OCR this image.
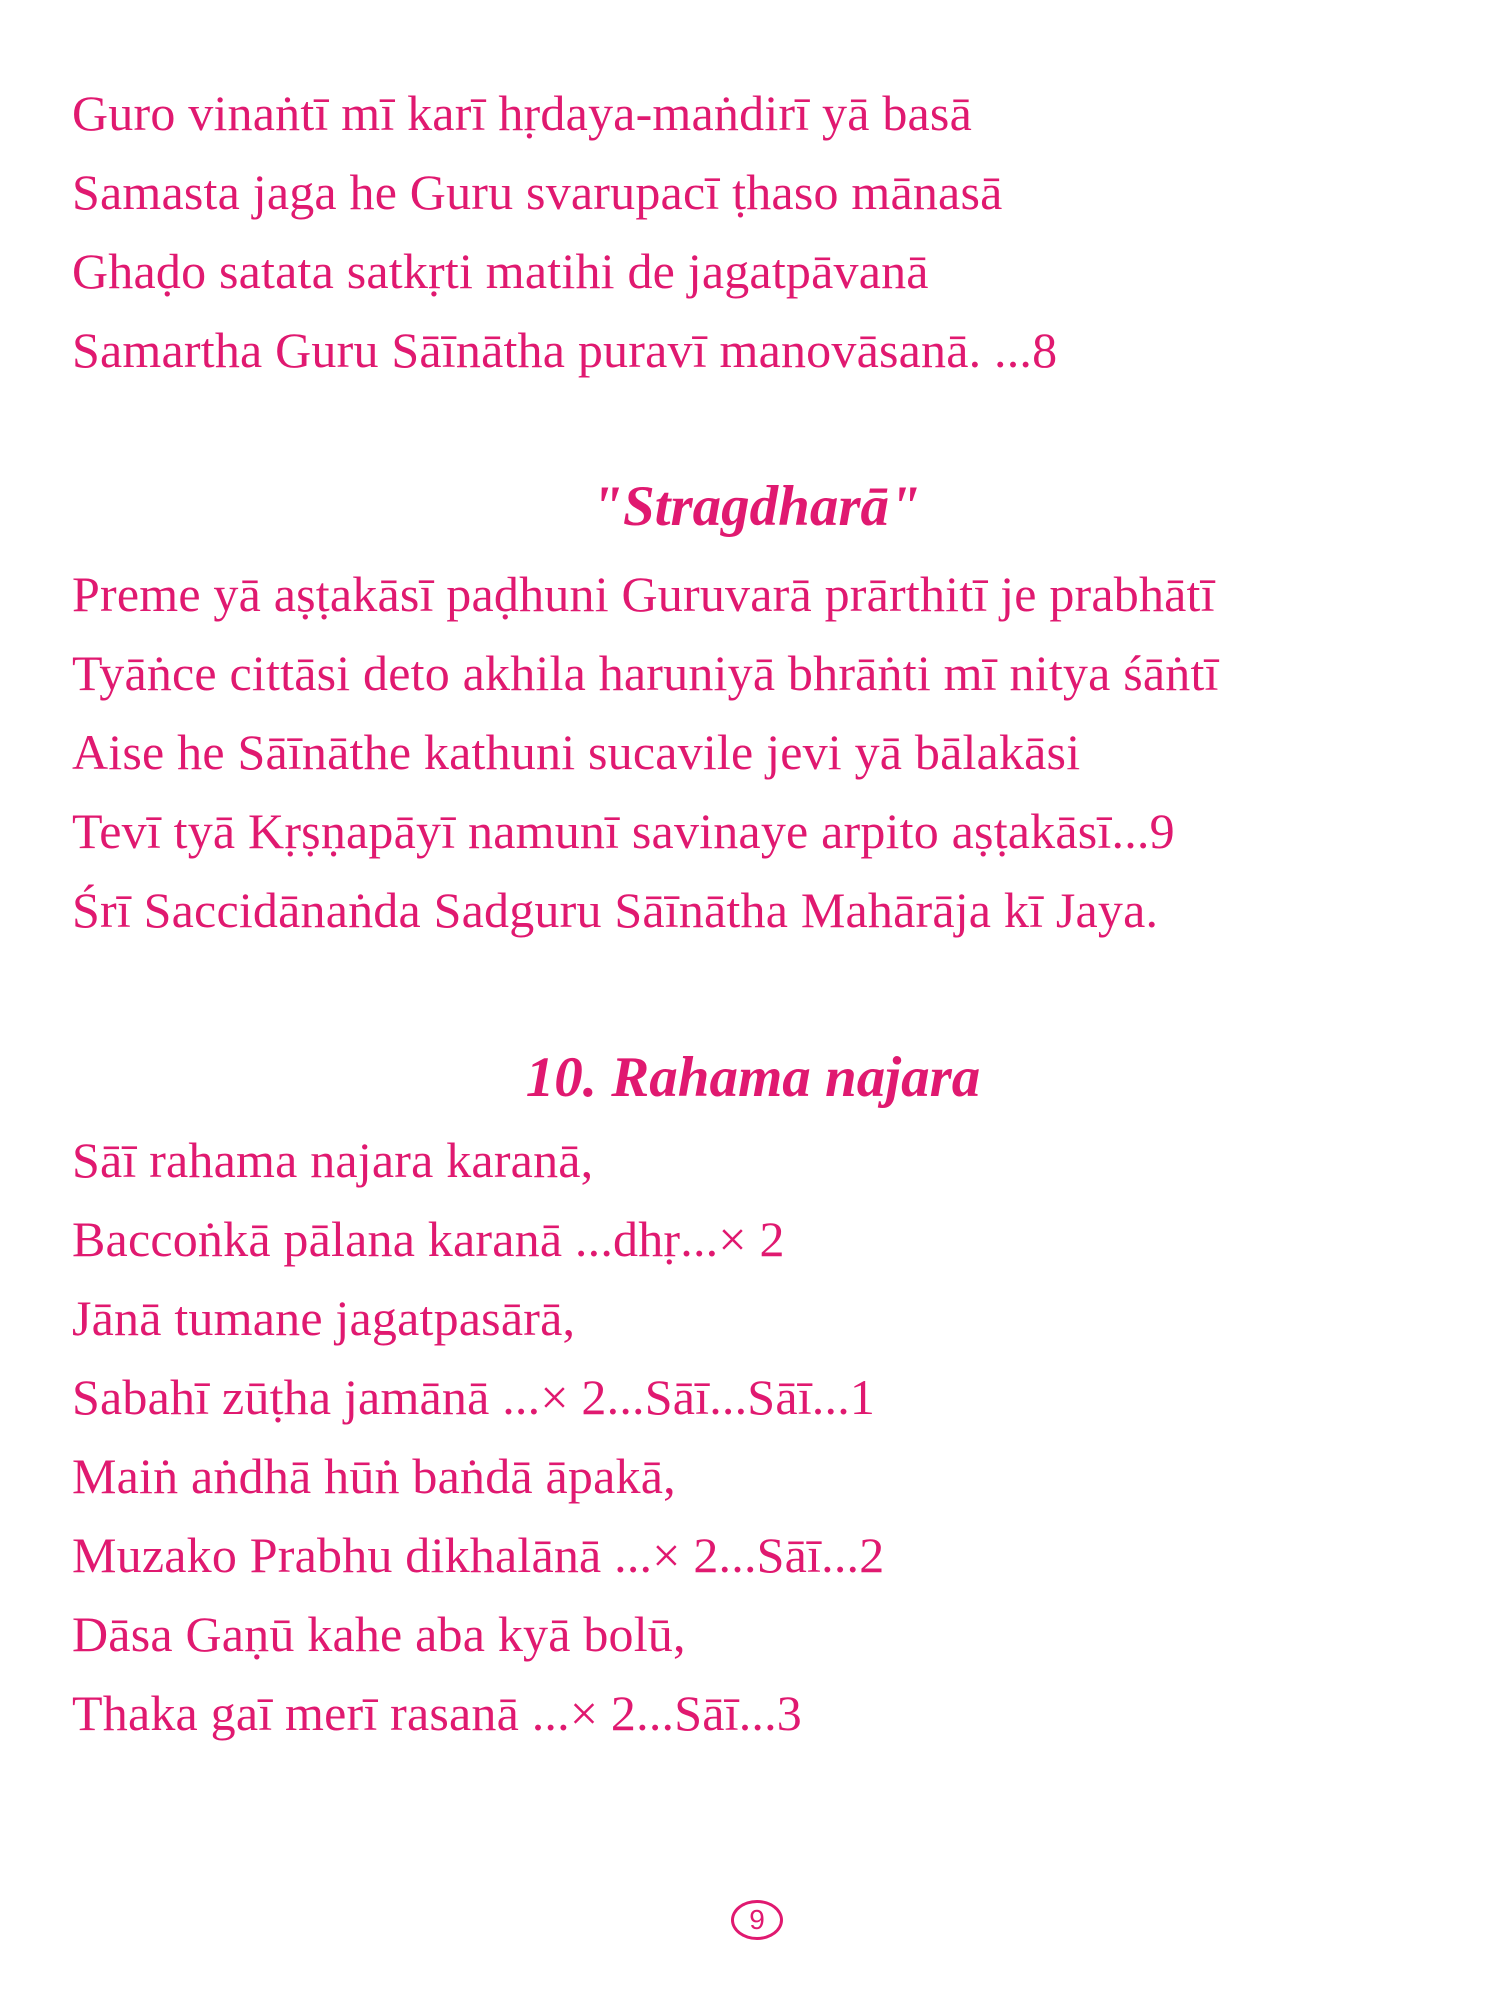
Guro vinaṅtī mī karī hṛdaya-maṅdirī yā basā
Samasta jaga he Guru svarupacī ṭhaso mānasā
Ghaḍo satata satkṛti matihi de jagatpāvanā
Samartha Guru Sāīnātha puravī manovāsanā. ...8
"Stragdharā"
Preme yā aṣṭakāsī paḍhuni Guruvarā prārthitī je prabhātī
Tyāṅce cittāsi deto akhila haruniyā bhrāṅti mī nitya śāṅtī
Aise he Sāīnāthe kathuni sucavile jevi yā bālakāsi
Tevī tyā Kṛṣṇapāyī namunī savinaye arpito aṣṭakāsī...9
Śrī Saccidānaṅda Sadguru Sāīnātha Mahārāja kī Jaya.
10. Rahama najara
Sāī rahama najara karanā,
Baccoṅkā pālana karanā ...dhṛ...× 2
Jānā tumane jagatpasārā,
Sabahī zūṭha jamānā ...× 2...Sāī...Sāī...1
Maiṅ aṅdhā hūṅ baṅdā āpakā,
Muzako Prabhu dikhalānā ...× 2...Sāī...2
Dāsa Gaṇū kahe aba kyā bolū,
Thaka gaī merī rasanā ...× 2...Sāī...3
9
